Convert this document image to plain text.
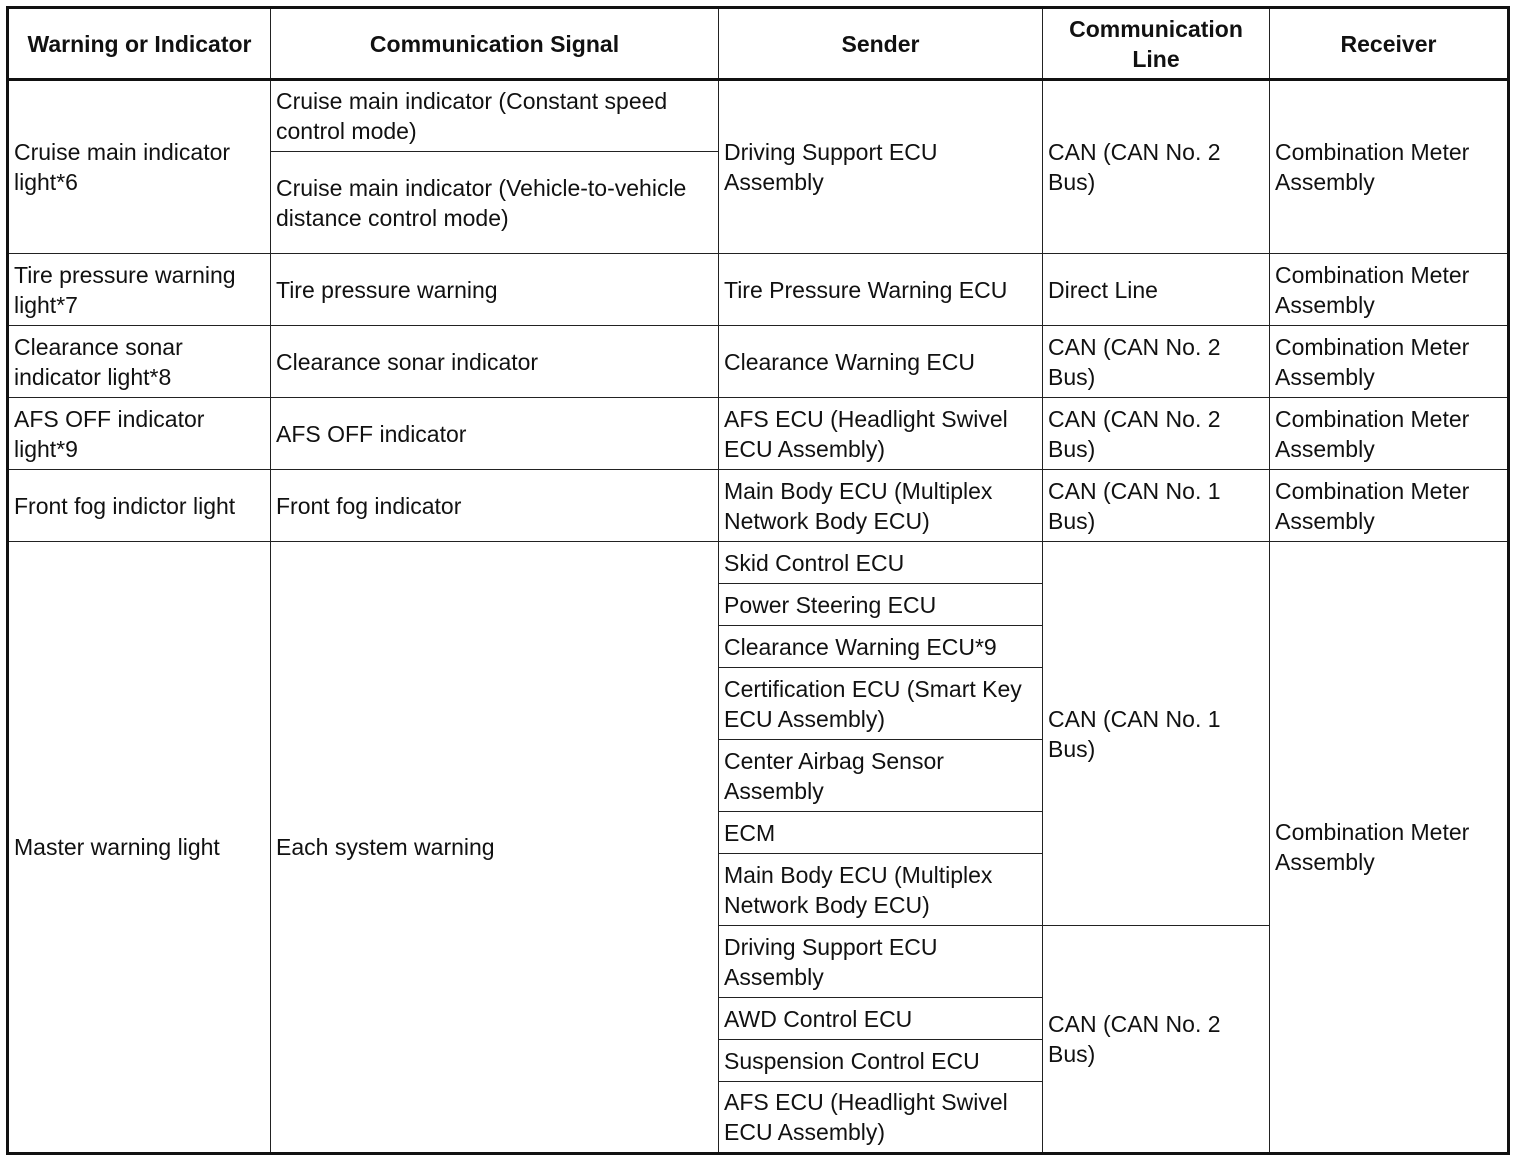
Warning or Indicator	Communication Signal	Sender	Communication Line	Receiver
Cruise main indicator light*6	Cruise main indicator (Constant speed control mode)	Driving Support ECU Assembly	CAN (CAN No. 2 Bus)	Combination Meter Assembly
	Cruise main indicator (Vehicle-to-vehicle distance control mode)			
Tire pressure warning light*7	Tire pressure warning	Tire Pressure Warning ECU	Direct Line	Combination Meter Assembly
Clearance sonar indicator light*8	Clearance sonar indicator	Clearance Warning ECU	CAN (CAN No. 2 Bus)	Combination Meter Assembly
AFS OFF indicator light*9	AFS OFF indicator	AFS ECU (Headlight Swivel ECU Assembly)	CAN (CAN No. 2 Bus)	Combination Meter Assembly
Front fog indictor light	Front fog indicator	Main Body ECU (Multiplex Network Body ECU)	CAN (CAN No. 1 Bus)	Combination Meter Assembly
Master warning light	Each system warning	Skid Control ECU	CAN (CAN No. 1 Bus)	Combination Meter Assembly
		Power Steering ECU		
		Clearance Warning ECU*9		
		Certification ECU (Smart Key ECU Assembly)		
		Center Airbag Sensor Assembly		
		ECM		
		Main Body ECU (Multiplex Network Body ECU)		
		Driving Support ECU Assembly	CAN (CAN No. 2 Bus)	
		AWD Control ECU		
		Suspension Control ECU		
		AFS ECU (Headlight Swivel ECU Assembly)		
